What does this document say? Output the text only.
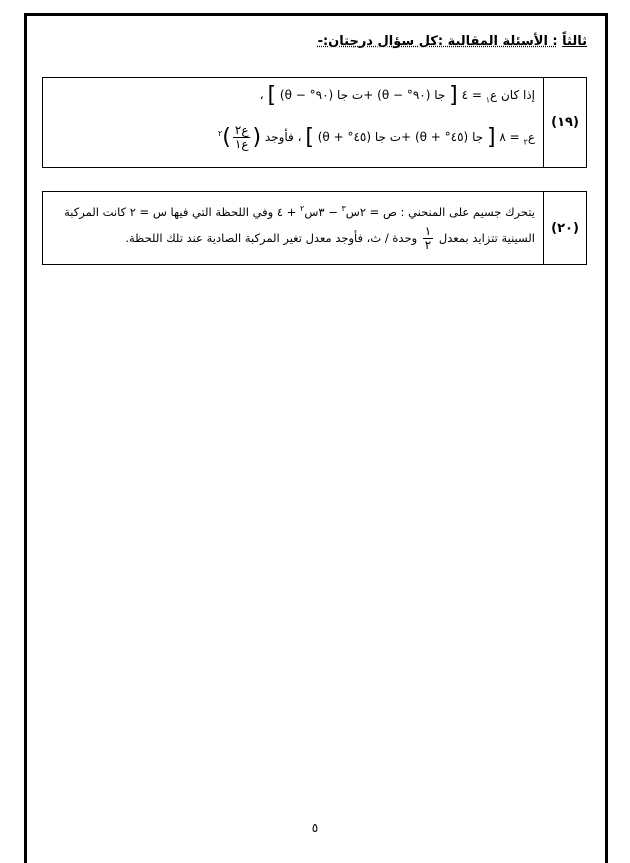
ثالثاً : الأسئلة المقالية :كل سؤال درجتان:-
(١٩)
إذا كان ع$_١$ = ٤ [ جا (٩٠° − θ) +ت جا (٩٠° − θ) ] ،
ع$_٢$ = ٨ [ جا (٤٥° + θ) +ت جا (٤٥° + θ) ] ، فأوجد (
$\frac{\text{ع٢}}{\text{ع١}}$
)$^٢$
(٢٠)
يتحرك جسيم على المنحني : ص = ٢س$^٣$ − ٣س$^٢$ + ٤ وفي اللحظة التي فيها س = ٢ كانت المركبة
السينية تتزايد بمعدل
$\frac{١}{٢}$
وحدة / ث، فأوجد معدل تغير المركبة الصادية عند تلك اللحظة.
٥
